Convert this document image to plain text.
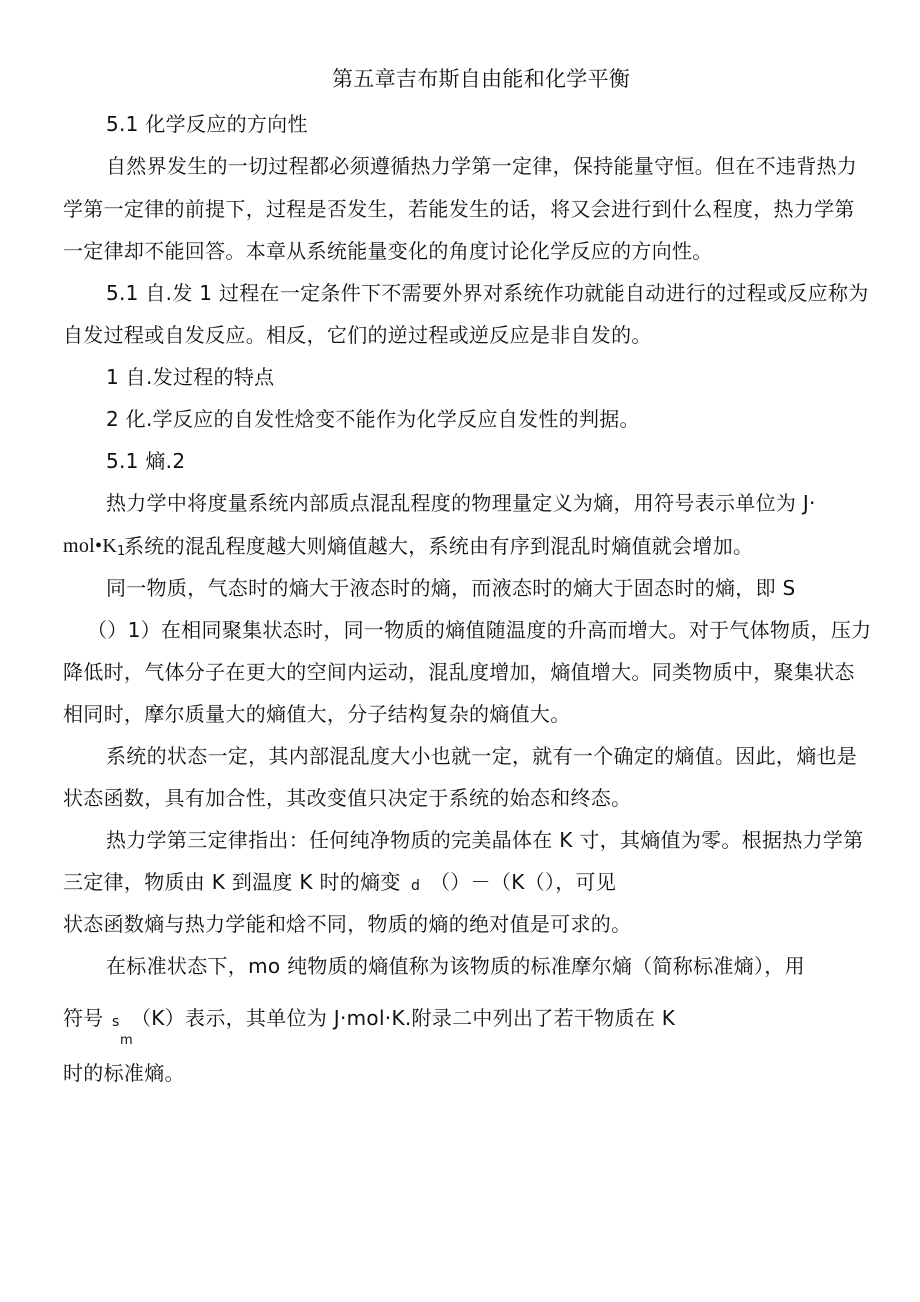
第五章吉布斯自由能和化学平衡
5.1 化学反应的方向性
自然界发生的一切过程都必须遵循热力学第一定律，保持能量守恒。但在不违背热力
学第一定律的前提下，过程是否发生，若能发生的话，将又会进行到什么程度，热力学第
一定律却不能回答。本章从系统能量变化的角度讨论化学反应的方向性。
5.1 自.发 1 过程在一定条件下不需要外界对系统作功就能自动进行的过程或反应称为
自发过程或自发反应。相反，它们的逆过程或逆反应是非自发的。
1 自.发过程的特点
2 化.学反应的自发性焓变不能作为化学反应自发性的判据。
5.1 熵.2
热力学中将度量系统内部质点混乱程度的物理量定义为熵，用符号表示单位为 J·
mol•K 1
系统的混乱程度越大则熵值越大，系统由有序到混乱时熵值就会增加。
同一物质，气态时的熵大于液态时的熵，而液态时的熵大于固态时的熵，即 S
（）1）在相同聚集状态时，同一物质的熵值随温度的升高而增大。对于气体物质，压力
降低时，气体分子在更大的空间内运动，混乱度增加，熵值增大。同类物质中，聚集状态
相同时，摩尔质量大的熵值大，分子结构复杂的熵值大。
系统的状态一定，其内部混乱度大小也就一定，就有一个确定的熵值。因此，熵也是
状态函数，具有加合性，其改变值只决定于系统的始态和终态。
热力学第三定律指出：任何纯净物质的完美晶体在 K 寸，其熵值为零。根据热力学第
三定律，物质由 K 到温度 K 时的熵变 d （）－（K（），可见
状态函数熵与热力学能和焓不同，物质的熵的绝对值是可求的。
在标准状态下，mo 纯物质的熵值称为该物质的标准摩尔熵（简称标准熵），用
符号 s （K）表示，其单位为 J·mol·K.附录二中列出了若干物质在 K
m
时的标准熵。
